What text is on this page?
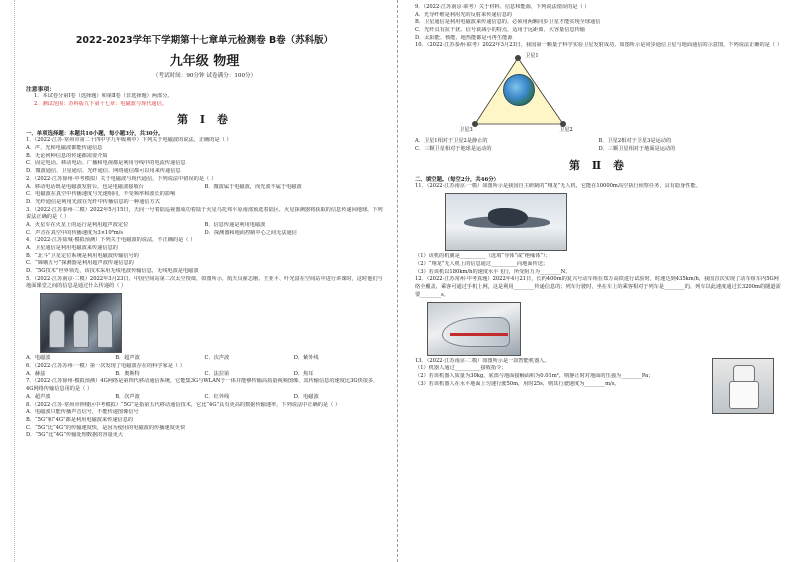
2022-2023学年下学期第十七章单元检测卷 B卷（苏科版）
九年级 物理
（考试时间：90分钟 试卷满分：100分）
注意事项：
1．本试卷分第Ⅰ卷（选择题）和第Ⅱ卷（非选择题）两部分。
2．测试范围：苏科版九下第十七章：电磁波与现代通信。
第 Ⅰ 卷
一、单项选择题：本题共10小题，每小题3分，共30分。
1．（2022·江苏·常州市第二十四中学九年级期中）下列关于电磁波的说法，正确的是（ ）
A．声、光和电磁波都能传递信息
B．无论何种信息的传递都需要介质
C．固定电话、移动电话、广播和电视都是利用导线中的电流传递信息
D．微波通信、卫星通信、光纤通信、网络通信都可以用来传递信息
2．（2022·江苏徐州·中考模拟）关于电磁波与现代通信，下列说法中错误的是（ ）
A．移动电话既是电磁波发射台，也是电磁波接收台	B．微波属于电磁波，而光波不属于电磁波
C．电磁波在真空中传播速度与光速相同，不受频率和波长的影响
D．光纤通信是利用光波在光纤中传播信息的一种通信方式
3．（2022·江苏泰州·二模）2022年5月15日，天问一号着陆巡视器成功着陆于火星乌托邦平原南部预选着陆区，火星探测器将获取的信息传递回地球，下列说法正确的是（ ）
A．火星车在火星上的运行是利用超声波定位	B．信息传递是利用电磁波
C．声音在真空中的传播速度为3×10⁸m/s	D．探测器和地面控制中心之间无法通信
4．（2022·江苏盐城·模拟预测）下列关于电磁波的说法，不正确的是（ ）
A．卫星通信是利用电磁波来传递信息的
B．“北斗”卫星定位系统是利用电磁波传输信号的
C．“嫦娥五号”探测器是利用超声波传递信息的
D．“5G技术”世界领先，该技术采用无线电波传输信息，无线电波是电磁波
5．（2022·江苏南京·二模）2022年3月23日，中国空间站第二次太空授课，如图所示，航天员翟志刚、王亚平、叶光富在空间站中进行讲课时，这时他们与地面课堂之间的信息是通过什么传递的（ ）
A．电磁波	B．超声波	C．次声波	D．紫外线
6．（2022·江苏苏州·一模）第一次发现了电磁波存在的科学家是（ ）
A．赫兹	B．奥斯特	C．法拉第	D．焦耳
7．（2022·江苏徐州·模拟预测）4G网络是第四代移动通信系统，它能集3G与WLAN于一体并能够传输高质量视频图像，其传输信息的速度比3G快很多，4G网络传输信息用的是（ ）
A．超声波	B．次声波	C．红外线	D．电磁波
8．（2022·江苏·常州市钟楼区中考模拟）“5G”是指第五代移动通信技术，它比“4G”具有更高的数据传输速率，下列说法中正确的是（ ）
A．电磁波只能传播声音信号，不能传递图像信号
B．“5G”和“4G”都是利用电磁波来传递信息的
C．“5G”比“4G”的传输速度快，是因为使用的电磁波的传播速度更快
D．“5G”比“4G”传输处理数据的容量更大
9．（2022·江苏南京·联考）关于材料、信息和能源，下列说法错误的是（ ）
A．光导纤维是利用光的反射来传递信息的
B．卫星通信是利用电磁波来传递信息的，必须用两颗同步卫星才能实现全球通信
C．光纤具有抗干扰、信号衰减小的特点，适用于远距离、大容量信息传输
D．太阳能、核能、地热能都是可再生能源
10．（2022·江苏泰州·联考）2022年3月23日，我国第一颗量子科学实验卫星发射成功，如图所示是同步通信卫星与地面通信的示意图，下列说法正确的是（ ）
卫星1
卫星3	卫星2
A．卫星1相对于卫星2是静止的	B．卫星2相对于卫星3是运动的
C．三颗卫星相对于地球是运动的	D．三颗卫星相对于地面是运动的
第 Ⅱ 卷
二、填空题。（每空2分，共46分）
11．（2022·江苏南京·一模）如图所示是我国自主研制的“翔龙”无人机，它能在10000m高空执行侦察任务，具有隐身性能。
（1）该机的机翼是__________（选填“导体”或“绝缘体”）；
（2）“翔龙”无人机上的信息通过__________向地面传送；
（3）若该机以180km/h的速度水平飞行，所受阻力为________N。
12．（2022·江苏常州·中考真题）2022年4月21日，长约400m的复兴号动车组在郑万高铁进行试验时，时速达到435km/h，我国首次实现了动车组车内5G网络全覆盖，乘客可通过手机上网，这是利用________传递信息的；列车行驶时，坐在车上的乘客相对于列车是________的，列车以此速度通过长3200m的隧道需要________s。
13．（2022·江苏南京·二模）如图所示是一款智能机器人。
（1）机器人通过__________接收指令；
（2）若该机器人质量为30kg，底部与地面接触面积为0.01m²，则静止时对地面的压强为________Pa；
（3）若该机器人在水平地面上匀速行驶50m，用时25s，则其行驶速度为________m/s。
